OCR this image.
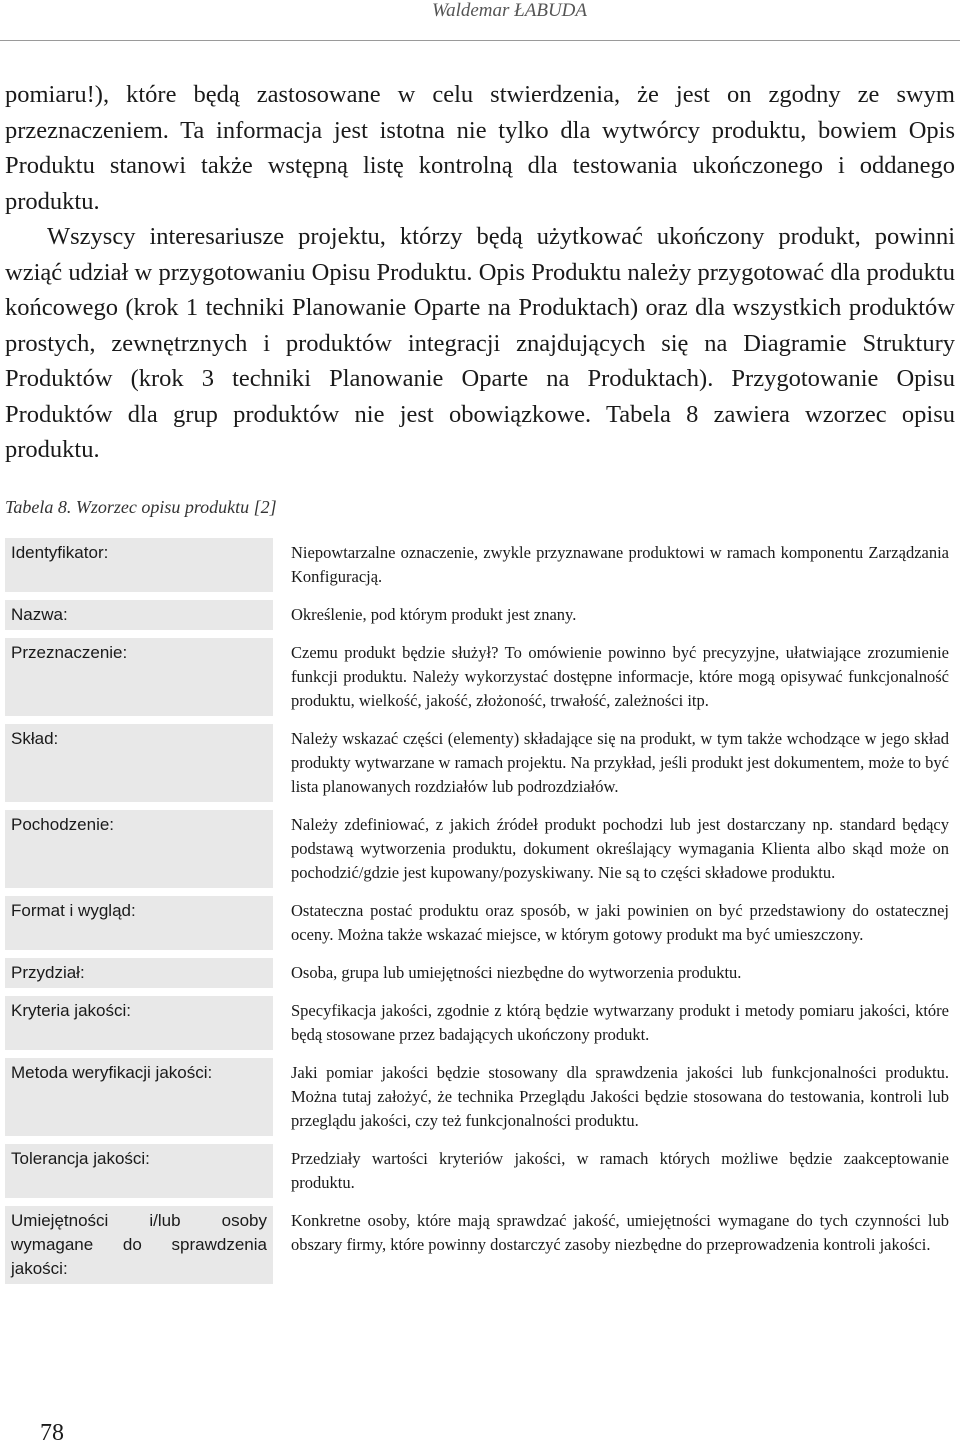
Waldemar ŁABUDA

pomiaru!), które będą zastosowane w celu stwierdzenia, że jest on zgodny ze swym przeznaczeniem. Ta informacja jest istotna nie tylko dla wytwórcy produktu, bowiem Opis Produktu stanowi także wstępną listę kontrolną dla testowania ukończonego i oddanego produktu.

Wszyscy interesariusze projektu, którzy będą użytkować ukończony produkt, powinni wziąć udział w przygotowaniu Opisu Produktu. Opis Produktu należy przygotować dla produktu końcowego (krok 1 techniki Planowanie Oparte na Produktach) oraz dla wszystkich produktów prostych, zewnętrznych i produktów integracji znajdujących się na Diagramie Struktury Produktów (krok 3 techniki Planowanie Oparte na Produktach). Przygotowanie Opisu Produktów dla grup produktów nie jest obowiązkowe. Tabela 8 zawiera wzorzec opisu produktu.

Tabela 8. Wzorzec opisu produktu [2]
Identyfikator:		Niepowtarzalne oznaczenie, zwykle przyznawane produktowi w ramach komponentu Zarządzania Konfiguracją.
Nazwa:		Określenie, pod którym produkt jest znany.
Przeznaczenie:		Czemu produkt będzie służył? To omówienie powinno być precyzyjne, ułatwiające zrozumienie funkcji produktu. Należy wykorzystać dostępne informacje, które mogą opisywać funkcjonalność produktu, wielkość, jakość, złożoność, trwałość, zależności itp.
Skład:		Należy wskazać części (elementy) składające się na produkt, w tym także wchodzące w jego skład produkty wytwarzane w ramach projektu. Na przykład, jeśli produkt jest dokumentem, może to być lista planowanych rozdziałów lub podrozdziałów.
Pochodzenie:		Należy zdefiniować, z jakich źródeł produkt pochodzi lub jest dostarczany np. standard będący podstawą wytworzenia produktu, dokument określający wymagania Klienta albo skąd może on pochodzić/gdzie jest kupowany/pozyskiwany. Nie są to części składowe produktu.
Format i wygląd:		Ostateczna postać produktu oraz sposób, w jaki powinien on być przedstawiony do ostatecznej oceny. Można także wskazać miejsce, w którym gotowy produkt ma być umieszczony.
Przydział:		Osoba, grupa lub umiejętności niezbędne do wytworzenia produktu.
Kryteria jakości:		Specyfikacja jakości, zgodnie z którą będzie wytwarzany produkt i metody pomiaru jakości, które będą stosowane przez badających ukończony produkt.
Metoda weryfikacji jakości:		Jaki pomiar jakości będzie stosowany dla sprawdzenia jakości lub funkcjonalności produktu. Można tutaj założyć, że technika Przeglądu Jakości będzie stosowana do testowania, kontroli lub przeglądu jakości, czy też funkcjonalności produktu.
Tolerancja jakości:		Przedziały wartości kryteriów jakości, w ramach których możliwe będzie zaakceptowanie produktu.
Umiejętności i/lub osoby wymagane do sprawdzenia jakości:		Konkretne osoby, które mają sprawdzać jakość, umiejętności wymagane do tych czynności lub obszary firmy, które powinny dostarczyć zasoby niezbędne do przeprowadzenia kontroli jakości.
78
